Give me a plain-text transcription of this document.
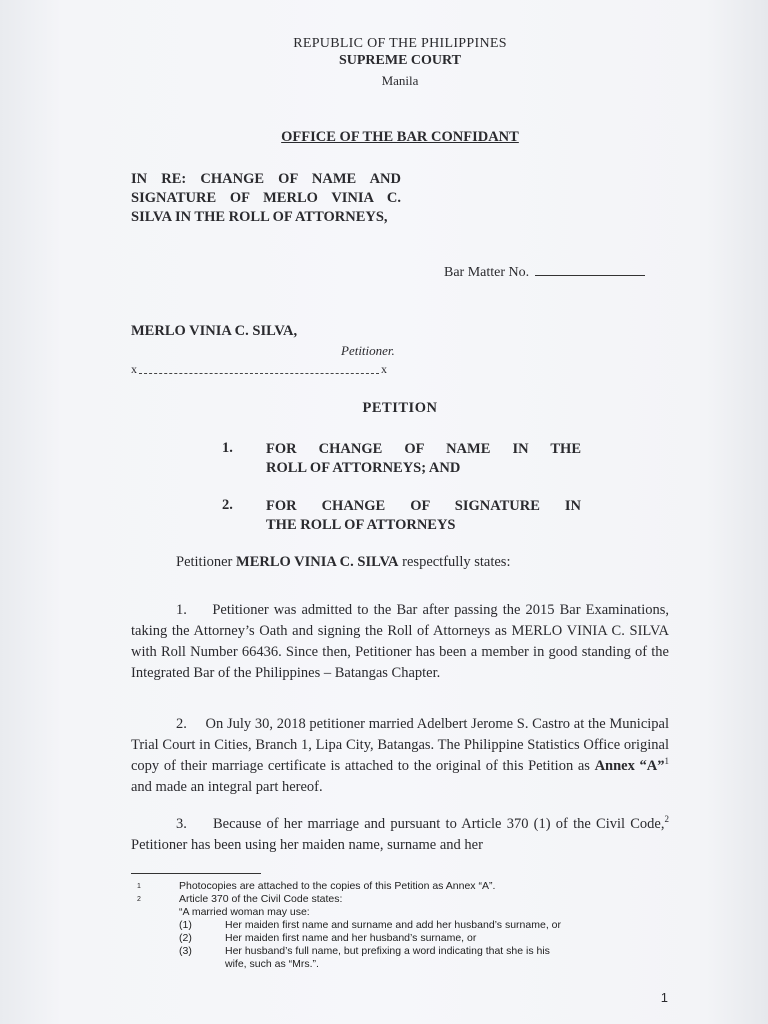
REPUBLIC OF THE PHILIPPINES
SUPREME COURT
Manila
OFFICE OF THE BAR CONFIDANT
IN RE: CHANGE OF NAME AND SIGNATURE OF MERLO VINIA C. SILVA IN THE ROLL OF ATTORNEYS,
Bar Matter No.
MERLO VINIA C. SILVA,
Petitioner.
x	x
PETITION
1. FOR CHANGE OF NAME IN THE
ROLL OF ATTORNEYS; AND
2. FOR CHANGE OF SIGNATURE IN
THE ROLL OF ATTORNEYS
Petitioner MERLO VINIA C. SILVA respectfully states:

1.     Petitioner was admitted to the Bar after passing the 2015 Bar Examinations, taking the Attorney’s Oath and signing the Roll of Attorneys as MERLO VINIA C. SILVA with Roll Number 66436. Since then, Petitioner has been a member in good standing of the Integrated Bar of the Philippines – Batangas Chapter.

2.     On July 30, 2018 petitioner married Adelbert Jerome S. Castro at the Municipal Trial Court in Cities, Branch 1, Lipa City, Batangas. The Philippine Statistics Office original copy of their marriage certificate is attached to the original of this Petition as Annex “A”$^1$ and made an integral part hereof.

3.     Because of her marriage and pursuant to Article 370 (1) of the Civil Code,$^2$ Petitioner has been using her maiden name, surname and her

1	Photocopies are attached to the copies of this Petition as Annex “A”.
2	Article 370 of the Civil Code states:
“A married woman may use:
(1)	Her maiden first name and surname and add her husband’s surname, or
(2)	Her maiden first name and her husband’s surname, or
(3)	Her husband’s full name, but prefixing a word indicating that she is his
wife, such as “Mrs.”.
1
